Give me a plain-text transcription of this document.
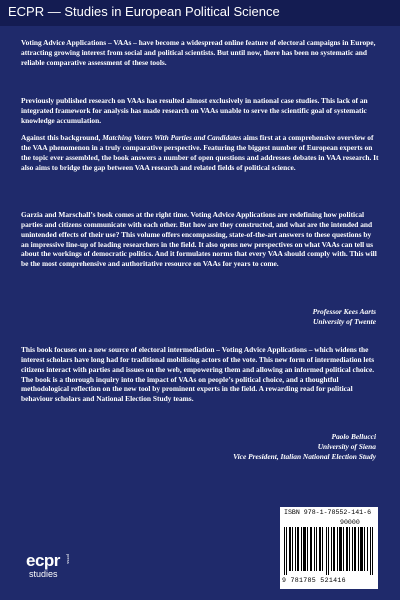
ECPR — Studies in European Political Science

Voting Advice Applications – VAAs – have become a widespread online feature of electoral campaigns in Europe, attracting growing interest from social and political scientists. But until now, there has been no systematic and reliable comparative assessment of these tools.

Previously published research on VAAs has resulted almost exclusively in national case studies. This lack of an integrated framework for analysis has made research on VAAs unable to serve the scientific goal of systematic knowledge accumulation.

Against this background, Matching Voters With Parties and Candidates aims first at a comprehensive overview of the VAA phenomenon in a truly comparative perspective. Featuring the biggest number of European experts on the topic ever assembled, the book answers a number of open questions and addresses debates in VAA research. It also aims to bridge the gap between VAA research and related fields of political science.

Garzia and Marschall’s book comes at the right time. Voting Advice Applications are redefining how political parties and citizens communicate with each other. But how are they constructed, and what are the intended and unintended effects of their use? This volume offers encompassing, state-of-the-art answers to these questions by an impressive line-up of leading researchers in the field. It also opens new perspectives on what VAAs can tell us about the workings of democratic politics. And it formulates norms that every VAA should comply with. This will be the most comprehensive and authoritative resource on VAAs for years to come.

Professor Kees Aarts
University of Twente

This book focuses on a new source of electoral intermediation – Voting Advice Applications – which widens the interest scholars have long had for traditional mobilising actors of the vote. This new form of intermediation lets citizens interact with parties and issues on the web, empowering them and allowing an informed political choice. The book is a thorough inquiry into the impact of VAAs on people’s political choice, and a thoughtful methodological reflection on the new tool by prominent experts in the field. A rewarding read for political behaviour scholars and National Election Study teams.

Paolo Bellucci
University of Siena
Vice President, Italian National Election Study
ISBN 978-1-78552-141-6
90000
9 781785 521416
ecpr press
studies
